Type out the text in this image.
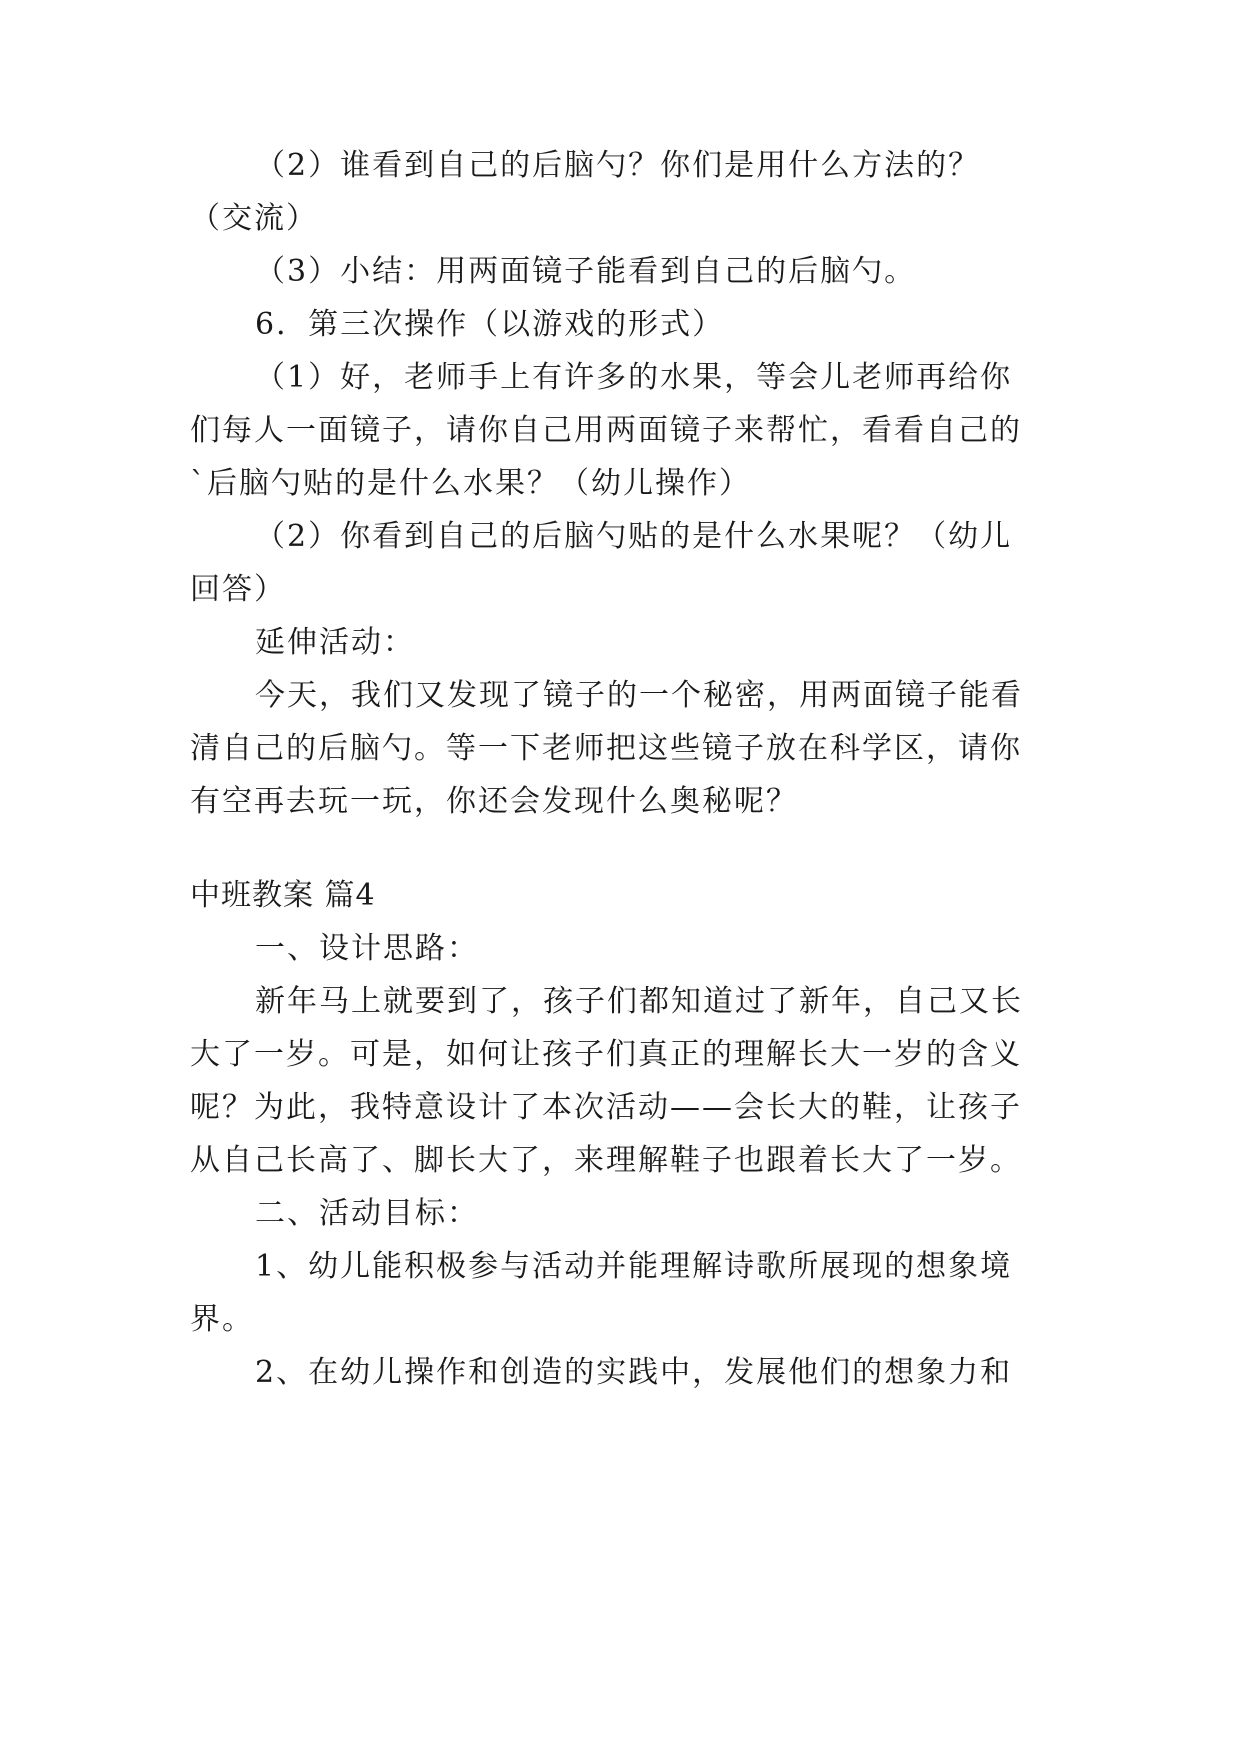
（2）谁看到自己的后脑勺？你们是用什么方法的？
（交流）
（3）小结：用两面镜子能看到自己的后脑勺。
6．第三次操作（以游戏的形式）
（1）好，老师手上有许多的水果，等会儿老师再给你
们每人一面镜子，请你自己用两面镜子来帮忙，看看自己的
`后脑勺贴的是什么水果？（幼儿操作）
（2）你看到自己的后脑勺贴的是什么水果呢？（幼儿
回答）
延伸活动：
今天，我们又发现了镜子的一个秘密，用两面镜子能看
清自己的后脑勺。等一下老师把这些镜子放在科学区，请你
有空再去玩一玩，你还会发现什么奥秘呢？
中班教案 篇4
一、设计思路：
新年马上就要到了，孩子们都知道过了新年，自己又长
大了一岁。可是，如何让孩子们真正的理解长大一岁的含义
呢？为此，我特意设计了本次活动——会长大的鞋，让孩子
从自己长高了、脚长大了，来理解鞋子也跟着长大了一岁。
二、活动目标：
1、幼儿能积极参与活动并能理解诗歌所展现的想象境
界。
2、在幼儿操作和创造的实践中，发展他们的想象力和
